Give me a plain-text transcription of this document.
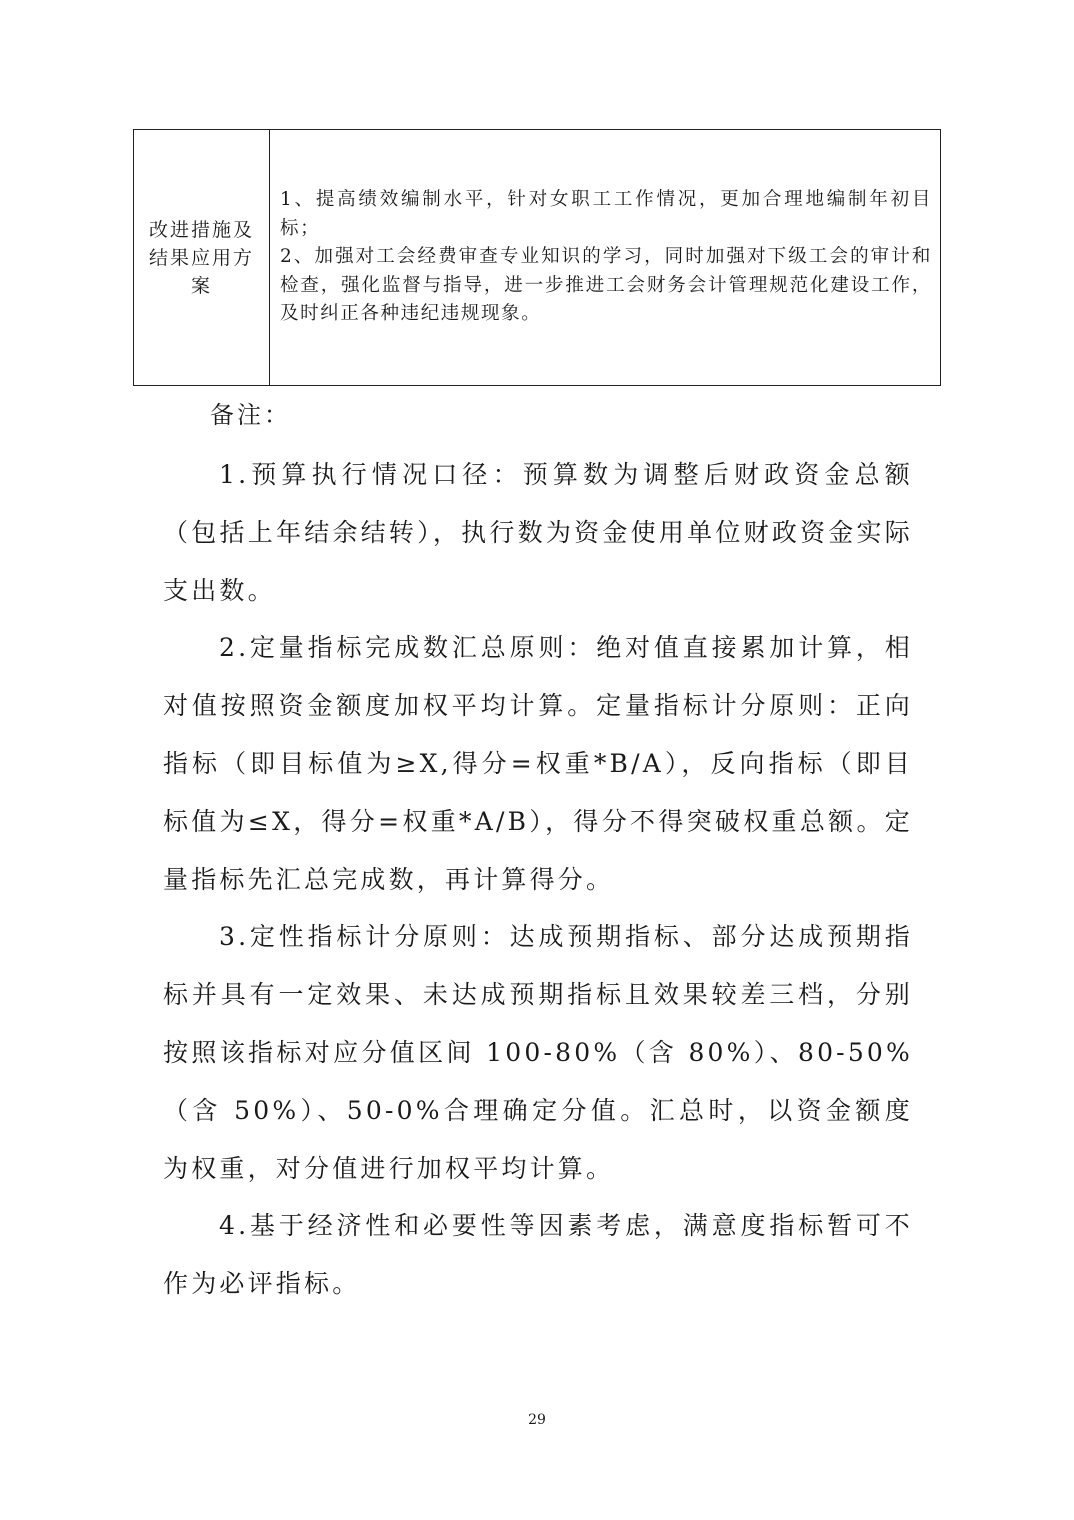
改进措施及
结果应用方
案

1、提高绩效编制水平，针对女职工工作情况，更加合理地编制年初目标；

2、加强对工会经费审查专业知识的学习，同时加强对下级工会的审计和检查，强化监督与指导，进一步推进工会财务会计管理规范化建设工作，及时纠正各种违纪违规现象。

备注：

1.预算执行情况口径：预算数为调整后财政资金总额（包括上年结余结转），执行数为资金使用单位财政资金实际支出数。

2.定量指标完成数汇总原则：绝对值直接累加计算，相对值按照资金额度加权平均计算。定量指标计分原则：正向指标（即目标值为≥X,得分=权重*B/A），反向指标（即目标值为≤X，得分=权重*A/B），得分不得突破权重总额。定量指标先汇总完成数，再计算得分。

3.定性指标计分原则：达成预期指标、部分达成预期指标并具有一定效果、未达成预期指标且效果较差三档，分别按照该指标对应分值区间 100-80%（含 80%）、80-50%（含 50%）、50-0%合理确定分值。汇总时，以资金额度为权重，对分值进行加权平均计算。

4.基于经济性和必要性等因素考虑，满意度指标暂可不作为必评指标。

29
